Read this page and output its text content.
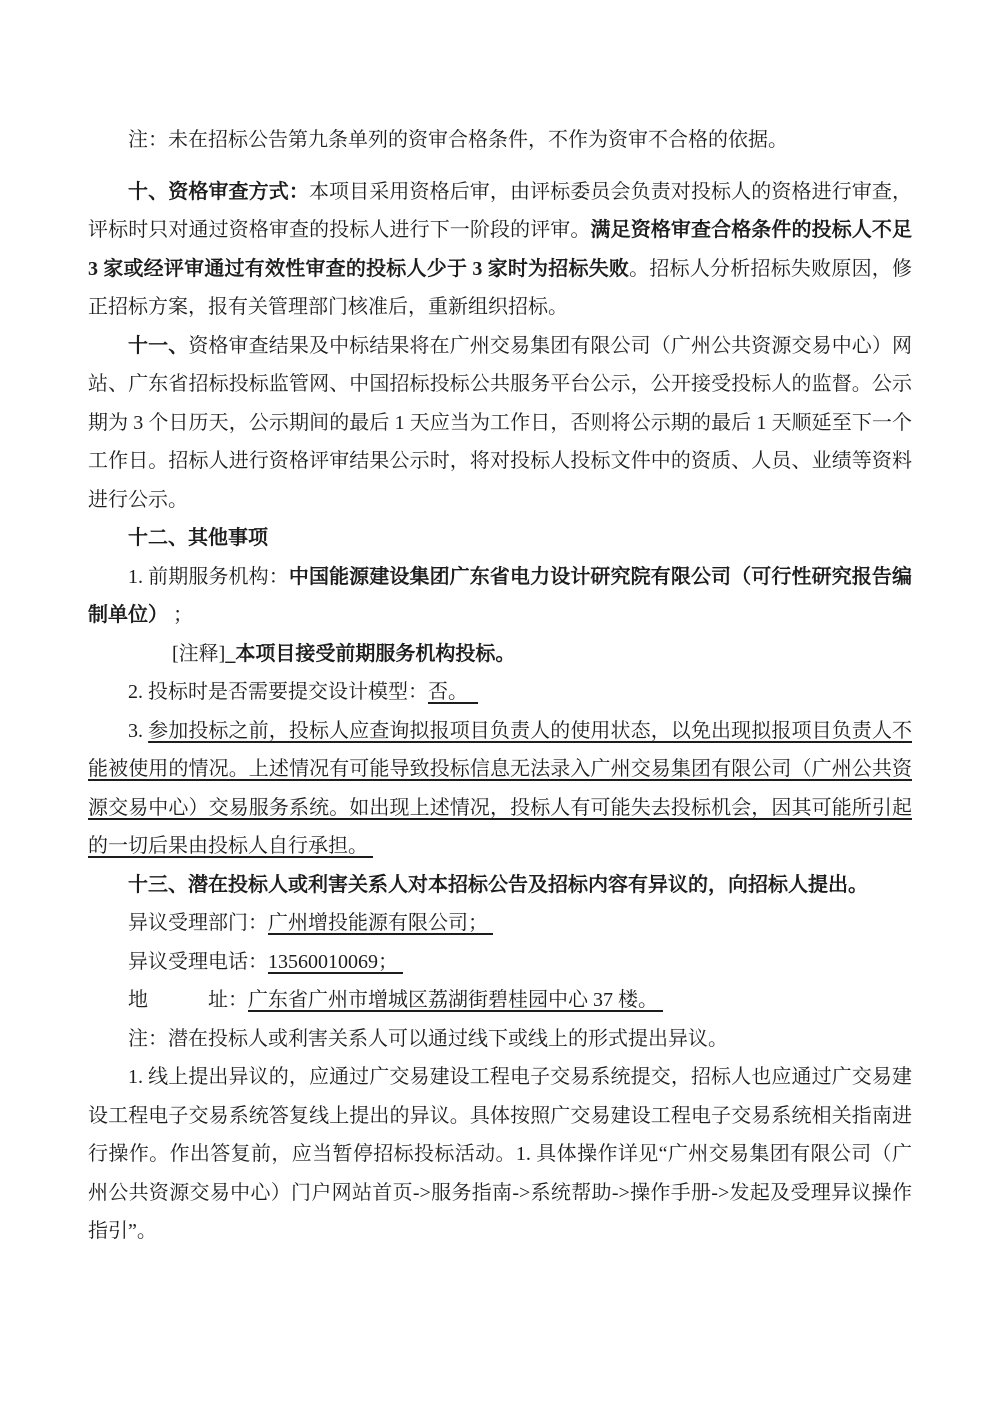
注：未在招标公告第九条单列的资审合格条件，不作为资审不合格的依据。

十、资格审查方式：本项目采用资格后审，由评标委员会负责对投标人的资格进行审查，评标时只对通过资格审查的投标人进行下一阶段的评审。满足资格审查合格条件的投标人不足 3 家或经评审通过有效性审查的投标人少于 3 家时为招标失败。招标人分析招标失败原因，修正招标方案，报有关管理部门核准后，重新组织招标。

十一、资格审查结果及中标结果将在广州交易集团有限公司（广州公共资源交易中心）网站、广东省招标投标监管网、中国招标投标公共服务平台公示，公开接受投标人的监督。公示期为 3 个日历天，公示期间的最后 1 天应当为工作日，否则将公示期的最后 1 天顺延至下一个工作日。招标人进行资格评审结果公示时，将对投标人投标文件中的资质、人员、业绩等资料进行公示。

十二、其他事项

1. 前期服务机构：中国能源建设集团广东省电力设计研究院有限公司（可行性研究报告编制单位） ；

[注释]_本项目接受前期服务机构投标。

2. 投标时是否需要提交设计模型：否。

3. 参加投标之前，投标人应查询拟报项目负责人的使用状态，以免出现拟报项目负责人不能被使用的情况。上述情况有可能导致投标信息无法录入广州交易集团有限公司（广州公共资源交易中心）交易服务系统。如出现上述情况，投标人有可能失去投标机会，因其可能所引起的一切后果由投标人自行承担。

十三、潜在投标人或利害关系人对本招标公告及招标内容有异议的，向招标人提出。

异议受理部门：广州增投能源有限公司；

异议受理电话：13560010069；

地　　　址：广东省广州市增城区荔湖街碧桂园中心 37 楼。

注：潜在投标人或利害关系人可以通过线下或线上的形式提出异议。

1. 线上提出异议的，应通过广交易建设工程电子交易系统提交，招标人也应通过广交易建设工程电子交易系统答复线上提出的异议。具体按照广交易建设工程电子交易系统相关指南进行操作。作出答复前，应当暂停招标投标活动。1. 具体操作详见“广州交易集团有限公司（广州公共资源交易中心）门户网站首页->服务指南->系统帮助->操作手册->发起及受理异议操作指引”。
